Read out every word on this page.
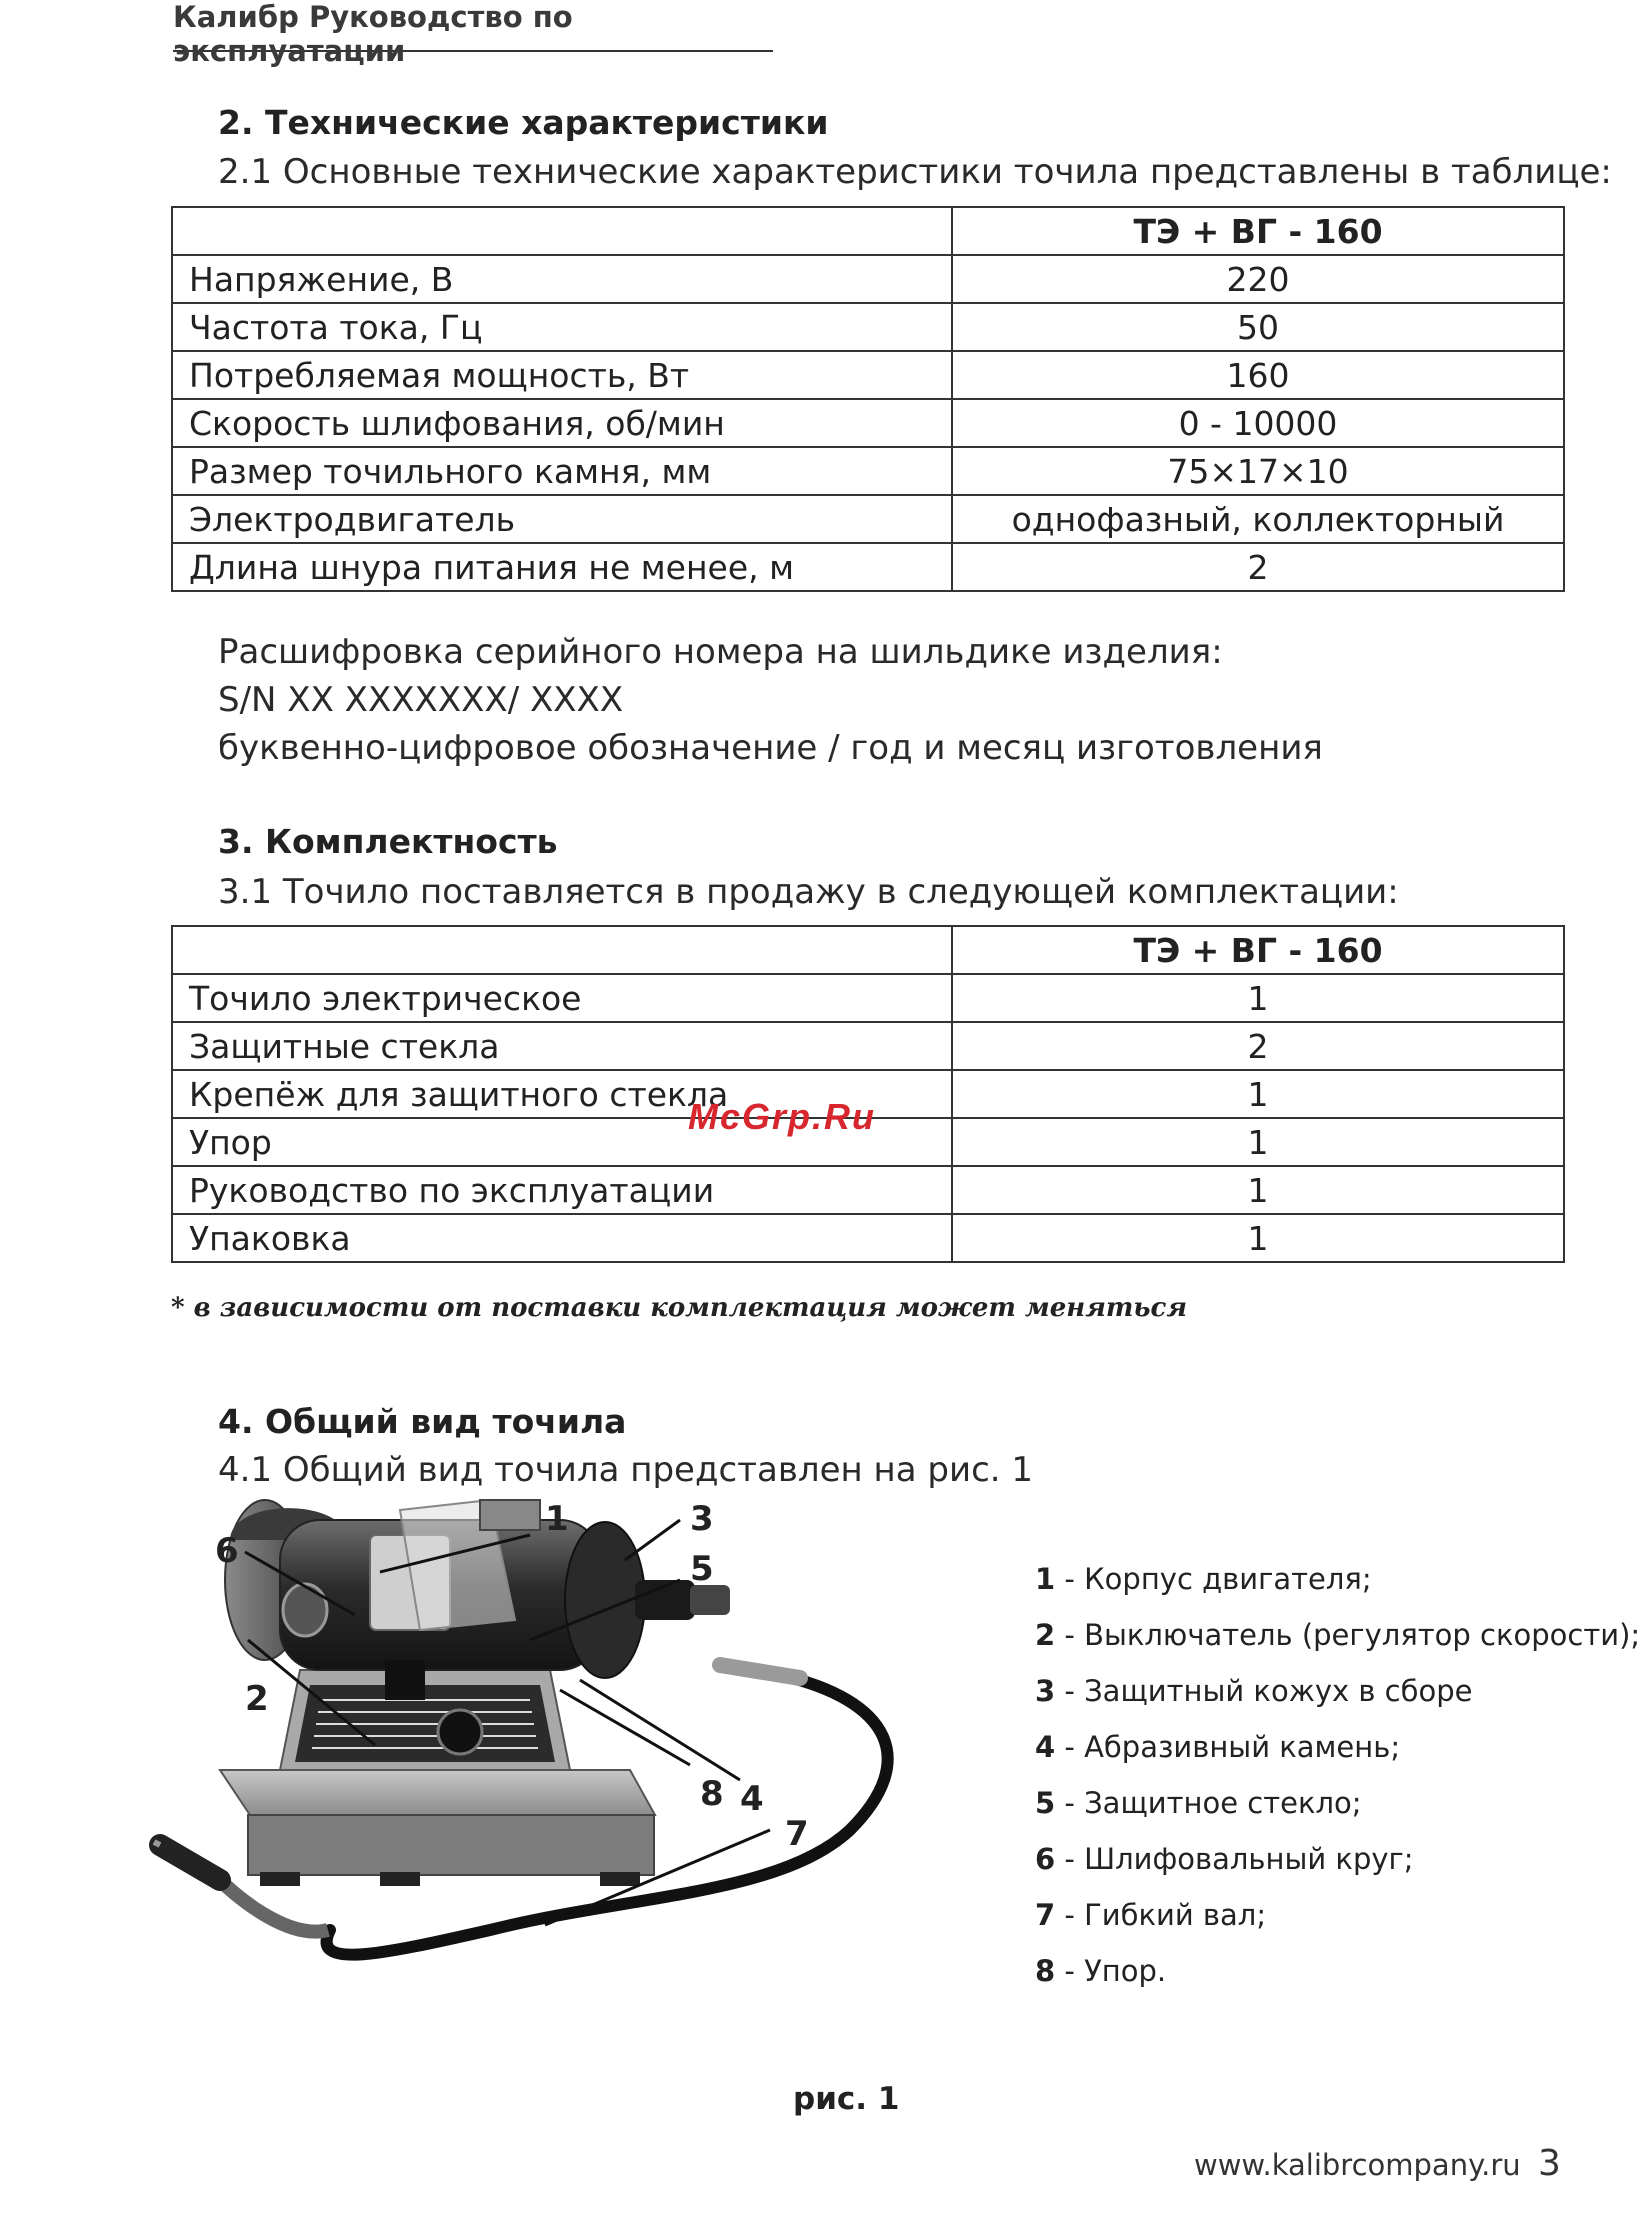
Калибр Руководство по эксплуатации
2. Технические характеристики
2.1 Основные технические характеристики точила представлены в таблице:
	ТЭ + ВГ - 160
Напряжение, В	220
Частота тока, Гц	50
Потребляемая мощность, Вт	160
Скорость шлифования, об/мин	0 - 10000
Размер точильного камня, мм	75×17×10
Электродвигатель	однофазный, коллекторный
Длина шнура питания не менее, м	2
Расшифровка серийного номера на шильдике изделия:
S/N XX XXXXXXX/ XXXX
буквенно-цифровое обозначение / год и месяц изготовления
3. Комплектность
3.1 Точило поставляется в продажу в следующей комплектации:
	ТЭ + ВГ - 160
Точило электрическое	1
Защитные стекла	2
Крепёж для защитного стекла	1
Упор	1
Руководство по эксплуатации	1
Упаковка	1
* в зависимости от поставки комплектация может меняться
McGrp.Ru
4. Общий вид точила
4.1 Общий вид точила представлен на рис. 1
1
2
3
4
5
6
7
8
1 - Корпус двигателя;
2 - Выключатель (регулятор скорости);
3 - Защитный кожух в сборе
4 - Абразивный камень;
5 - Защитное стекло;
6 - Шлифовальный круг;
7 - Гибкий вал;
8 - Упор.
рис. 1
www.kalibrcompany.ru 3
